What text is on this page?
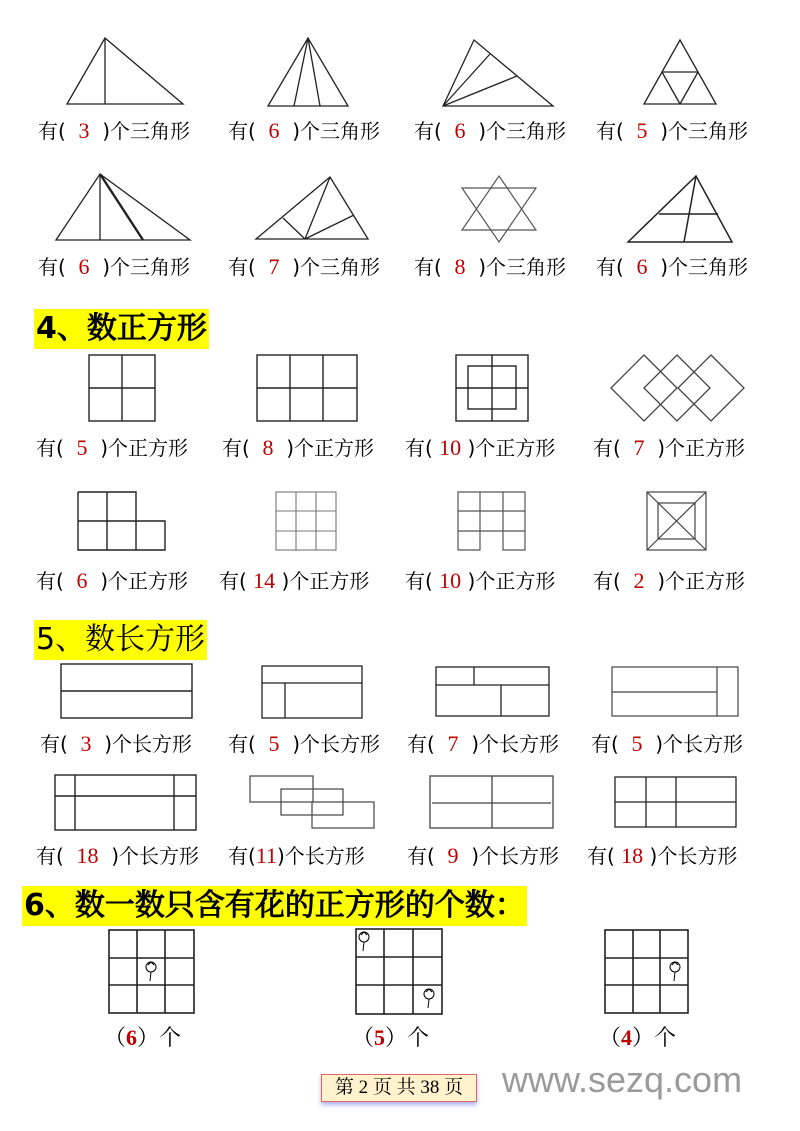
有( 3 )个三角形 有( 6 )个三角形 有( 6 )个三角形 有( 5 )个三角形
有( 6 )个三角形 有( 7 )个三角形 有( 8 )个三角形 有( 6 )个三角形
4、数正方形
有( 5 )个正方形 有( 8 )个正方形 有( 10 )个正方形 有( 7 )个正方形
有( 6 )个正方形 有( 14 )个正方形 有( 10 )个正方形 有( 2 )个正方形
5、数长方形
有( 3 )个长方形 有( 5 )个长方形 有( 7 )个长方形 有( 5 )个长方形
有( 18 )个长方形 有(11)个长方形 有( 9 )个长方形 有( 18 )个长方形
6、数一数只含有花的正方形的个数：
（6）个	（5）个	（4）个
第 2 页 共 38 页	www.sezq.com
